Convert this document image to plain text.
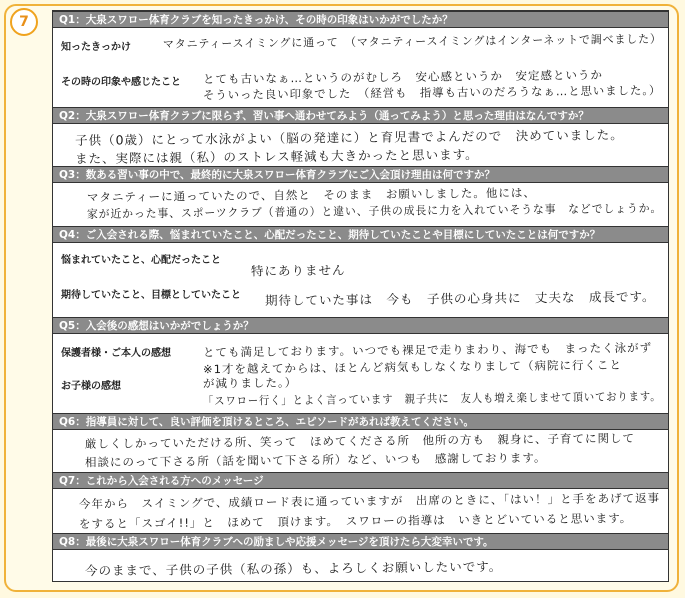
7	Q1：大泉スワロー体育クラブを知ったきっかけ、その時の印象はいかがでしたか？
知ったきっかけ	マタニティースイミングに通って　（マタニティースイミングはインターネットで調べました）
その時の印象や感じたこと とても古いなぁ…というのがむしろ　安心感というか　安定感というか
そういった良い印象でした　（経営も　指導も古いのだろうなぁ…と思いました。）
Q2：大泉スワロー体育クラブに限らず、習い事へ通わせてみよう（通ってみよう）と思った理由はなんですか？
子供（0歳）にとって水泳がよい（脳の発達に）と育児書でよんだので　決めていました。
また、実際には親（私）のストレス軽減も大きかったと思います。
Q3：数ある習い事の中で、最終的に大泉スワロー体育クラブにご入会頂け理由は何ですか？
マタニティーに通っていたので、自然と　そのまま　お願いしました。他には、
家が近かった事、スポーツクラブ（普通の）と違い、子供の成長に力を入れていそうな事　などでしょうか。
Q4：ご入会される際、悩まれていたこと、心配だったこと、期待していたことや目標にしていたことは何ですか？
悩まれていたこと、心配だったこと
特にありません
期待していたこと、目標としていたこと 期待していた事は　今も　子供の心身共に　丈夫な　成長です。
Q5：入会後の感想はいかがでしょうか？
保護者様・ご本人の感想
お子様の感想
とても満足しております。いつでも裸足で走りまわり、海でも　まったく泳がず
※1才を越えてからは、ほとんど病気もしなくなりまして（病院に行くこと
が減りました。）
「スワロー行く」とよく言っています　親子共に　友人も増え楽しませて頂いております。
Q6：指導員に対して、良い評価を頂けるところ、エピソードがあれば教えてください。
厳しくしかっていただける所、笑って　ほめてくださる所　他所の方も　親身に、子育てに関して
相談にのって下さる所（話を聞いて下さる所）など、いつも　感謝しております。
Q7：これから入会される方へのメッセージ
今年から　スイミングで、成績ロード表に通っていますが　出席のときに、「はい！」と手をあげて返事
をすると「スゴイ!!」と　ほめて　頂けます。　スワローの指導は　いきとどいていると思います。
Q8：最後に大泉スワロー体育クラブへの励ましや応援メッセージを頂けたら大変幸いです。
今のままで、子供の子供（私の孫）も、よろしくお願いしたいです。
